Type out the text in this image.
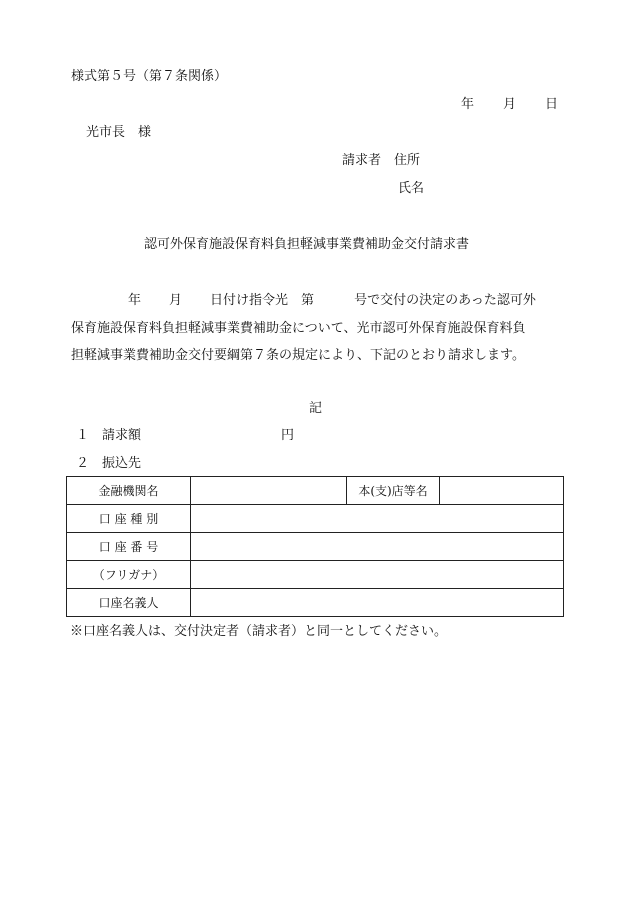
様式第５号（第７条関係）
年 月 日
光市長 様
請求者 住所
氏名
認可外保育施設保育料負担軽減事業費補助金交付請求書
年 月 日付け指令光 第	号で交付の決定のあった認可外
保育施設保育料負担軽減事業費補助金について、光市認可外保育施設保育料負
担軽減事業費補助金交付要綱第７条の規定により、下記のとおり請求します。
記
１ 請求額	円
２ 振込先
金融機関名		本(支)店等名	
口 座 種 別			
口 座 番 号			
（フリガナ）			
口座名義人			
※口座名義人は、交付決定者（請求者）と同一としてください。
